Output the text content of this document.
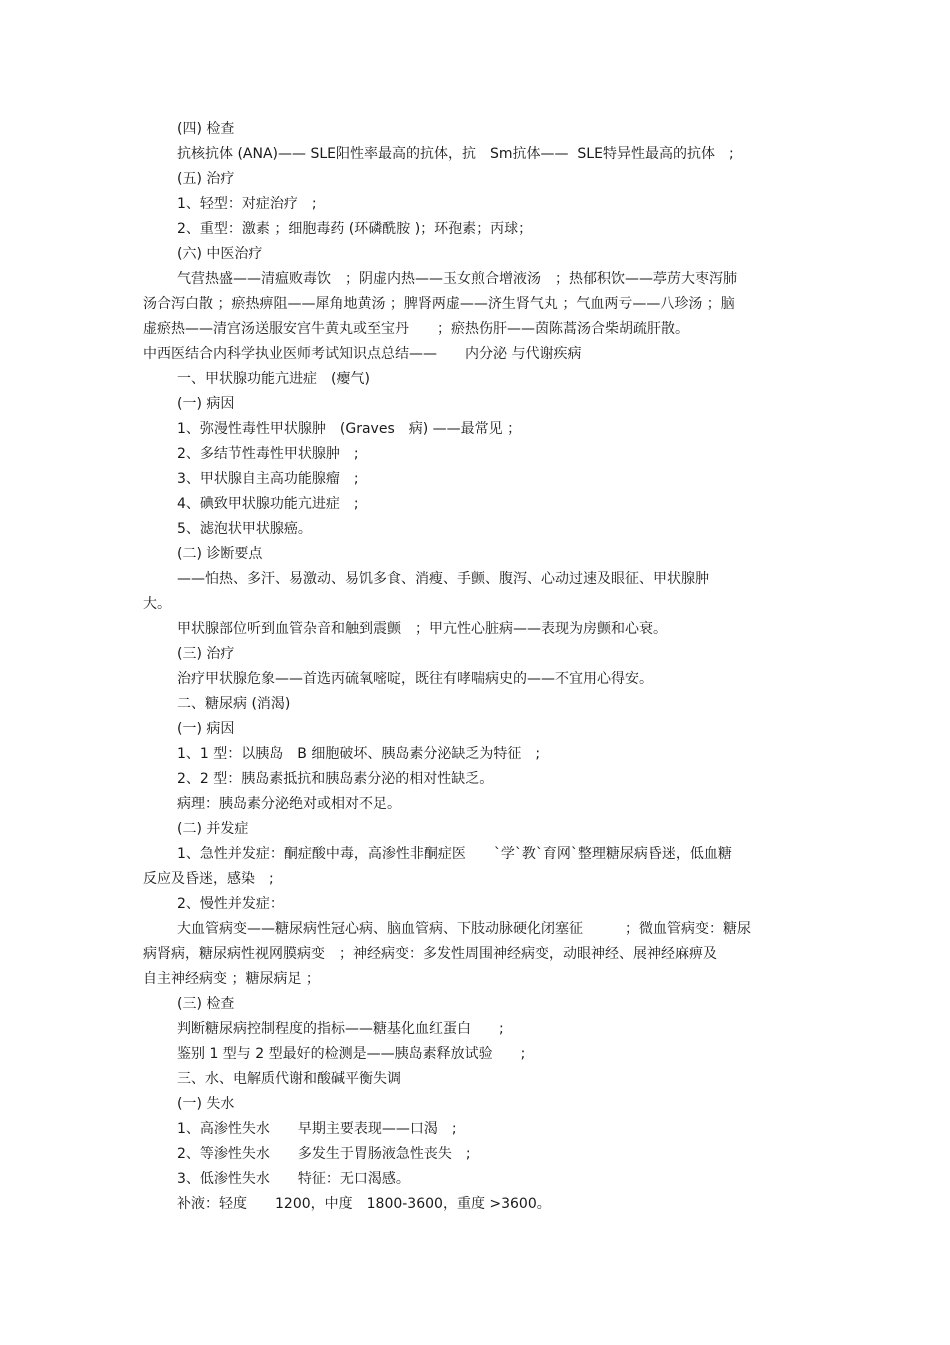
(四) 检查
抗核抗体 (ANA)—— SLE阳性率最高的抗体，抗　Sm抗体——  SLE特异性最高的抗体　;
(五) 治疗
1、轻型：对症治疗　;
2、重型：激素 ；细胞毒药 (环磷酰胺 )；环孢素；丙球；
(六) 中医治疗
气营热盛——清瘟败毒饮　；阴虚内热——玉女煎合增液汤　；热郁积饮——葶苈大枣泻肺
汤合泻白散 ；瘀热痹阻——犀角地黄汤 ；脾肾两虚——济生肾气丸 ；气血两亏——八珍汤 ；脑
虚瘀热——清宫汤送服安宫牛黄丸或至宝丹　　；瘀热伤肝——茵陈蒿汤合柴胡疏肝散。
中西医结合内科学执业医师考试知识点总结——　　内分泌 与代谢疾病
一、甲状腺功能亢进症　(瘿气)
(一) 病因
1、弥漫性毒性甲状腺肿　(Graves　病) ——最常见 ；
2、多结节性毒性甲状腺肿　;
3、甲状腺自主高功能腺瘤　;
4、碘致甲状腺功能亢进症　;
5、滤泡状甲状腺癌。
(二) 诊断要点
——怕热、多汗、易激动、易饥多食、消瘦、手颤、腹泻、心动过速及眼征、甲状腺肿
大。
甲状腺部位听到血管杂音和触到震颤　；甲亢性心脏病——表现为房颤和心衰。
(三) 治疗
治疗甲状腺危象——首选丙硫氧嘧啶，既往有哮喘病史的——不宜用心得安。
二、糖尿病 (消渴)
(一) 病因
1、1 型：以胰岛　B 细胞破坏、胰岛素分泌缺乏为特征　;
2、2 型：胰岛素抵抗和胰岛素分泌的相对性缺乏。
病理：胰岛素分泌绝对或相对不足。
(二) 并发症
1、急性并发症：酮症酸中毒，高渗性非酮症医　　`学`教`育网`整理糖尿病昏迷，低血糖
反应及昏迷，感染　;
2、慢性并发症：
大血管病变——糖尿病性冠心病、脑血管病、下肢动脉硬化闭塞征　　　；微血管病变：糖尿
病肾病，糖尿病性视网膜病变　；神经病变：多发性周围神经病变，动眼神经、展神经麻痹及
自主神经病变 ；糖尿病足 ；
(三) 检查
判断糖尿病控制程度的指标——糖基化血红蛋白　　;
鉴别 1 型与 2 型最好的检测是——胰岛素释放试验　　;
三、水、电解质代谢和酸碱平衡失调
(一) 失水
1、高渗性失水　　早期主要表现——口渴　;
2、等渗性失水　　多发生于胃肠液急性丧失　;
3、低渗性失水　　特征：无口渴感。
补液：轻度　　1200，中度　1800-3600，重度 >3600。
